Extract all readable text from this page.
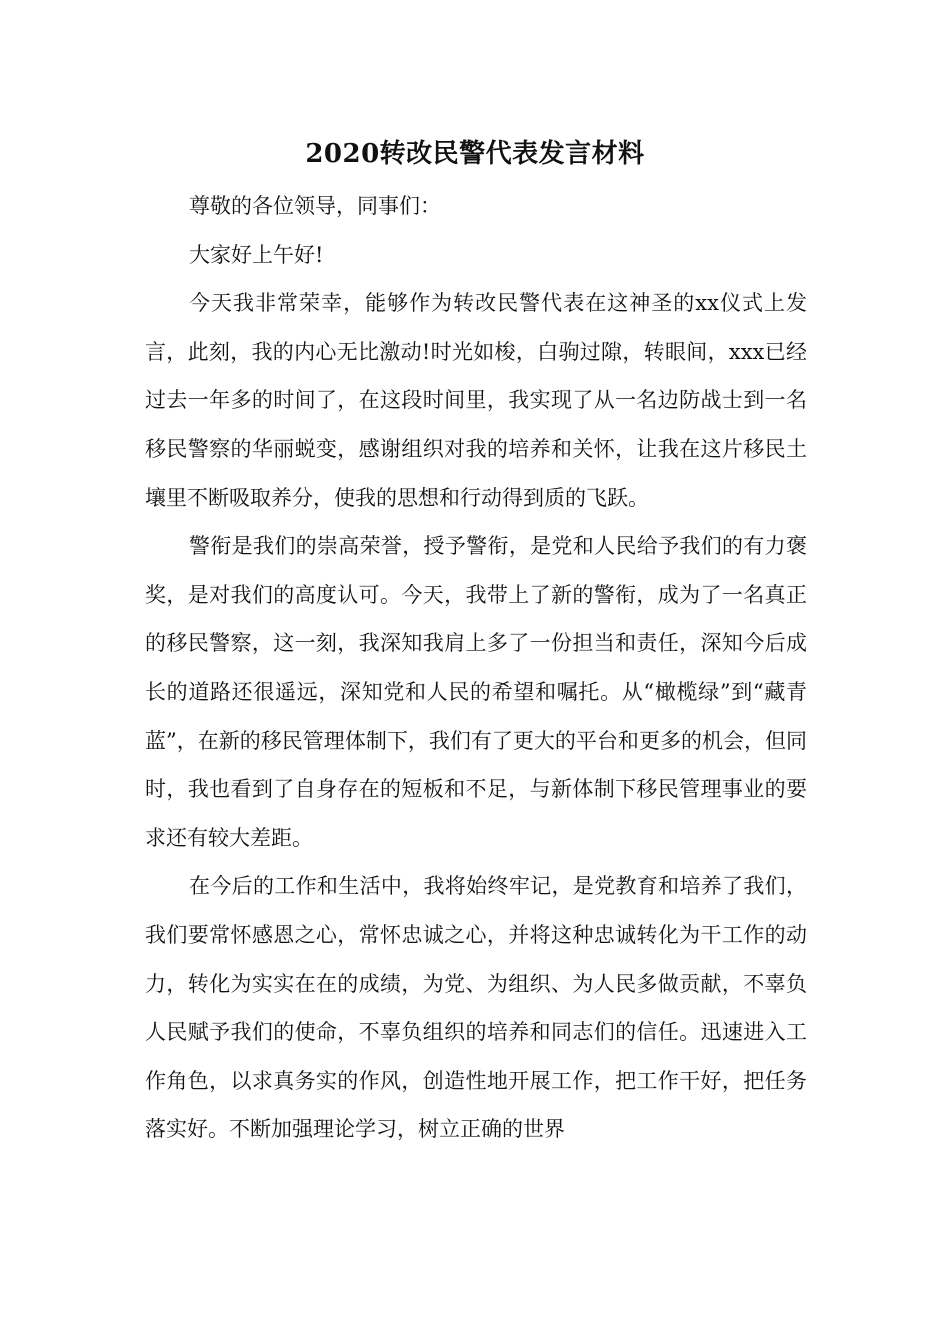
2020转改民警代表发言材料

尊敬的各位领导，同事们：

大家好上午好!

今天我非常荣幸，能够作为转改民警代表在这神圣的xx仪式上发言，此刻，我的内心无比激动!时光如梭，白驹过隙，转眼间，xxx已经过去一年多的时间了，在这段时间里，我实现了从一名边防战士到一名移民警察的华丽蜕变，感谢组织对我的培养和关怀，让我在这片移民土壤里不断吸取养分，使我的思想和行动得到质的飞跃。

警衔是我们的崇高荣誉，授予警衔，是党和人民给予我们的有力褒奖，是对我们的高度认可。今天，我带上了新的警衔，成为了一名真正的移民警察，这一刻，我深知我肩上多了一份担当和责任，深知今后成长的道路还很遥远，深知党和人民的希望和嘱托。从“橄榄绿”到“藏青蓝”，在新的移民管理体制下，我们有了更大的平台和更多的机会，但同时，我也看到了自身存在的短板和不足，与新体制下移民管理事业的要求还有较大差距。

在今后的工作和生活中，我将始终牢记，是党教育和培养了我们，我们要常怀感恩之心，常怀忠诚之心，并将这种忠诚转化为干工作的动力，转化为实实在在的成绩，为党、为组织、为人民多做贡献，不辜负人民赋予我们的使命，不辜负组织的培养和同志们的信任。迅速进入工作角色，以求真务实的作风，创造性地开展工作，把工作干好，把任务落实好。不断加强理论学习，树立正确的世界
